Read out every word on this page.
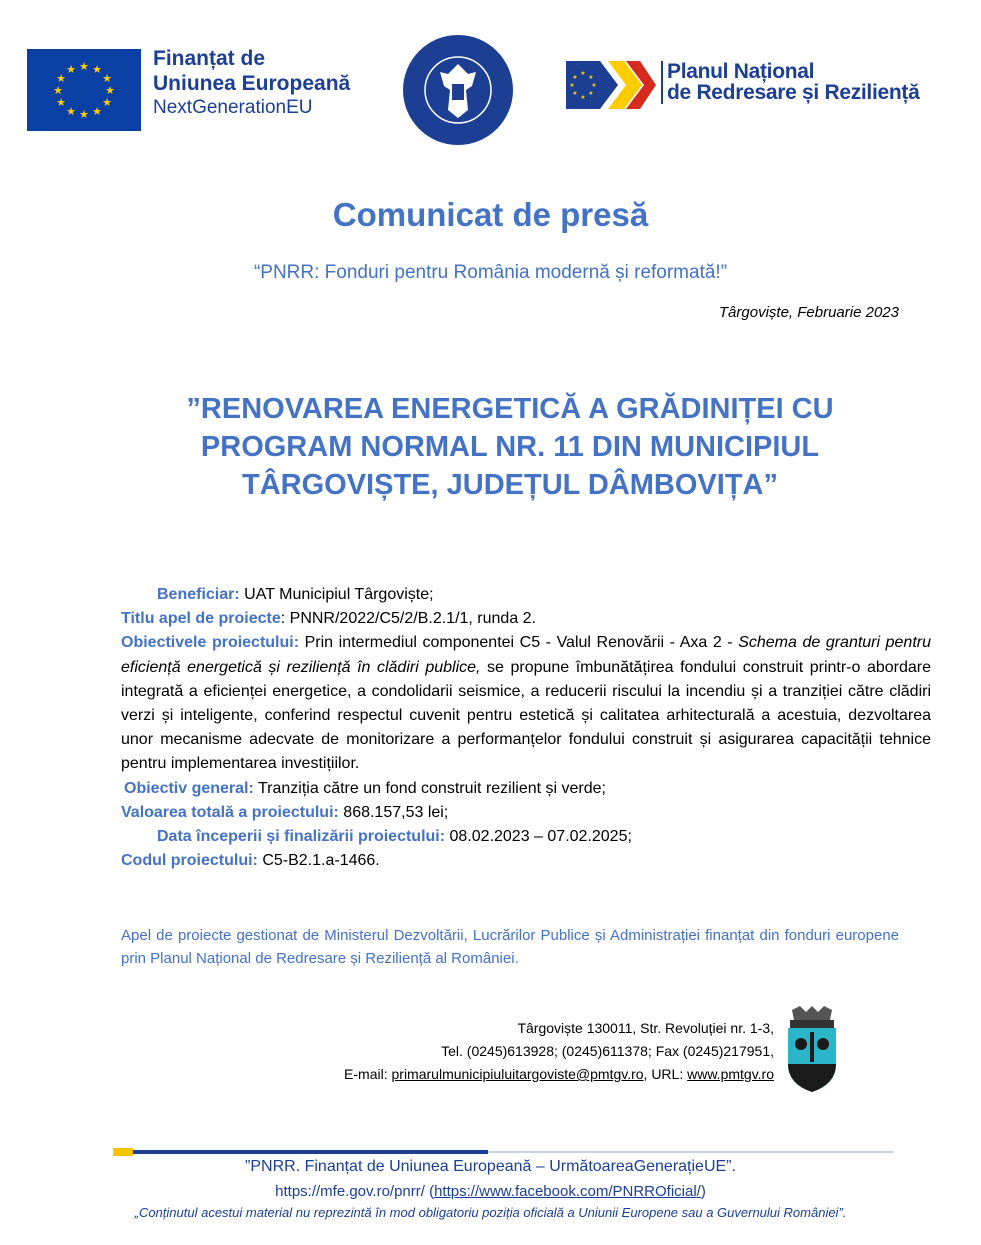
★ ★
★
★
★
★
★
★
★
★
★
★	Finanțat de
Uniunea Europeană
NextGenerationEU
★
★
★
★
★
★
★
★	Planul Național
de Redresare și Reziliență
Comunicat de presă
“PNRR: Fonduri pentru România modernă și reformată!”
Târgoviște, Februarie 2023
”RENOVAREA ENERGETICĂ A GRĂDINIȚEI CU
PROGRAM NORMAL NR. 11 DIN MUNICIPIUL
TÂRGOVIȘTE, JUDEȚUL DÂMBOVIȚA”

Beneficiar: UAT Municipiul Târgoviște;

Titlu apel de proiecte: PNNR/2022/C5/2/B.2.1/1, runda 2.

Obiectivele proiectului: Prin intermediul componentei C5 - Valul Renovării - Axa 2 - Schema de granturi pentru eficiență energetică și reziliență în clădiri publice, se propune îmbunătățirea fondului construit printr-o abordare integrată a eficienței energetice, a condolidarii seismice, a reducerii riscului la incendiu și a tranziției către clădiri verzi și inteligente, conferind respectul cuvenit pentru estetică și calitatea arhitecturală a acestuia, dezvoltarea unor mecanisme adecvate de monitorizare a performanțelor fondului construit și asigurarea capacității tehnice pentru implementarea investițiilor.

Obiectiv general: Tranziția către un fond construit rezilient și verde;

Valoarea totală a proiectului: 868.157,53 lei;

Data începerii și finalizării proiectului: 08.02.2023 – 07.02.2025;

Codul proiectului: C5-B2.1.a-1466.

Apel de proiecte gestionat de Ministerul Dezvoltării, Lucrărilor Publice și Administrației finanțat din fonduri europene prin Planul Național de Redresare și Reziliență al României.
Târgoviște 130011, Str. Revoluției nr. 1-3,
Tel. (0245)613928; (0245)611378; Fax (0245)217951,
E-mail: primarulmunicipiuluitargoviste@pmtgv.ro, URL: www.pmtgv.ro
”PNRR. Finanțat de Uniunea Europeană – UrmătoareaGenerațieUE”.
https://mfe.gov.ro/pnrr/ (https://www.facebook.com/PNRROficial/)
„Conținutul acestui material nu reprezintă în mod obligatoriu poziția oficială a Uniunii Europene sau a Guvernului României”.
